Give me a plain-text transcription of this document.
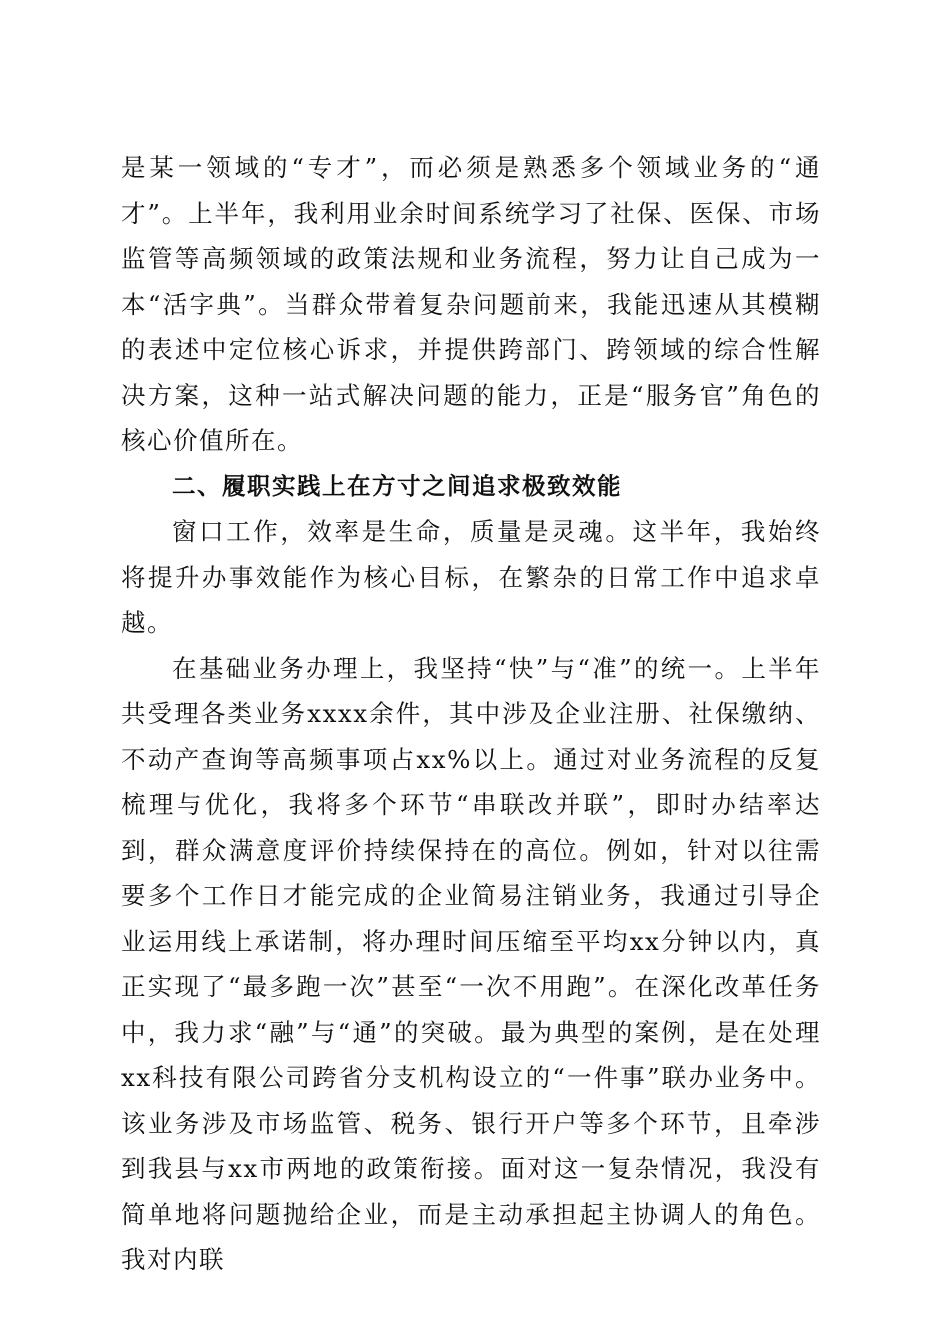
是某一领域的“专才”，而必须是熟悉多个领域业务的“通才”。上半年，我利用业余时间系统学习了社保、医保、市场监管等高频领域的政策法规和业务流程，努力让自己成为一本“活字典”。当群众带着复杂问题前来，我能迅速从其模糊的表述中定位核心诉求，并提供跨部门、跨领域的综合性解决方案，这种一站式解决问题的能力，正是“服务官”角色的核心价值所在。

二、履职实践上在方寸之间追求极致效能

窗口工作，效率是生命，质量是灵魂。这半年，我始终将提升办事效能作为核心目标，在繁杂的日常工作中追求卓越。

在基础业务办理上，我坚持“快”与“准”的统一。上半年共受理各类业务xxxx余件，其中涉及企业注册、社保缴纳、不动产查询等高频事项占xx%以上。通过对业务流程的反复梳理与优化，我将多个环节“串联改并联”，即时办结率达到，群众满意度评价持续保持在的高位。例如，针对以往需要多个工作日才能完成的企业简易注销业务，我通过引导企业运用线上承诺制，将办理时间压缩至平均xx分钟以内，真正实现了“最多跑一次”甚至“一次不用跑”。在深化改革任务中，我力求“融”与“通”的突破。最为典型的案例，是在处理xx科技有限公司跨省分支机构设立的“一件事”联办业务中。该业务涉及市场监管、税务、银行开户等多个环节，且牵涉到我县与xx市两地的政策衔接。面对这一复杂情况，我没有简单地将问题抛给企业，而是主动承担起主协调人的角色。我对内联
